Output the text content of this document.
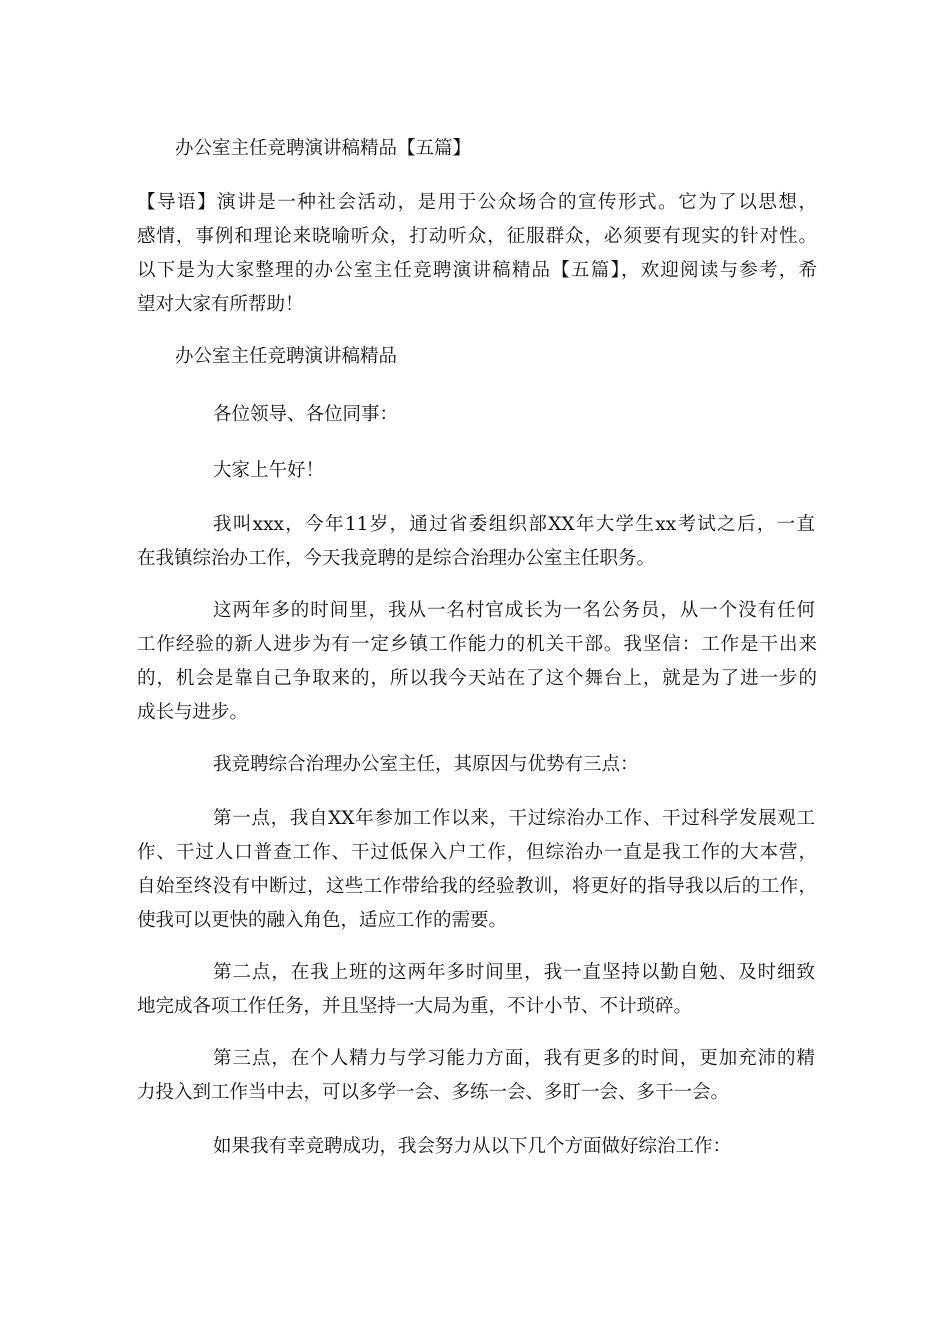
办公室主任竞聘演讲稿精品【五篇】
【导语】演讲是一种社会活动，是用于公众场合的宣传形式。它为了以思想，
感情，事例和理论来晓喻听众，打动听众，征服群众，必须要有现实的针对性。
以下是为大家整理的办公室主任竞聘演讲稿精品【五篇】，欢迎阅读与参考，希
望对大家有所帮助！
办公室主任竞聘演讲稿精品
各位领导、各位同事：
大家上午好！
我叫xxx，今年11岁，通过省委组织部XX年大学生xx考试之后，一直
在我镇综治办工作，今天我竞聘的是综合治理办公室主任职务。
这两年多的时间里，我从一名村官成长为一名公务员，从一个没有任何
工作经验的新人进步为有一定乡镇工作能力的机关干部。我坚信：工作是干出来
的，机会是靠自己争取来的，所以我今天站在了这个舞台上，就是为了进一步的
成长与进步。
我竞聘综合治理办公室主任，其原因与优势有三点：
第一点，我自XX年参加工作以来，干过综治办工作、干过科学发展观工
作、干过人口普查工作、干过低保入户工作，但综治办一直是我工作的大本营，
自始至终没有中断过，这些工作带给我的经验教训，将更好的指导我以后的工作，
使我可以更快的融入角色，适应工作的需要。
第二点，在我上班的这两年多时间里，我一直坚持以勤自勉、及时细致
地完成各项工作任务，并且坚持一大局为重，不计小节、不计琐碎。
第三点，在个人精力与学习能力方面，我有更多的时间，更加充沛的精
力投入到工作当中去，可以多学一会、多练一会、多盯一会、多干一会。
如果我有幸竞聘成功，我会努力从以下几个方面做好综治工作：
